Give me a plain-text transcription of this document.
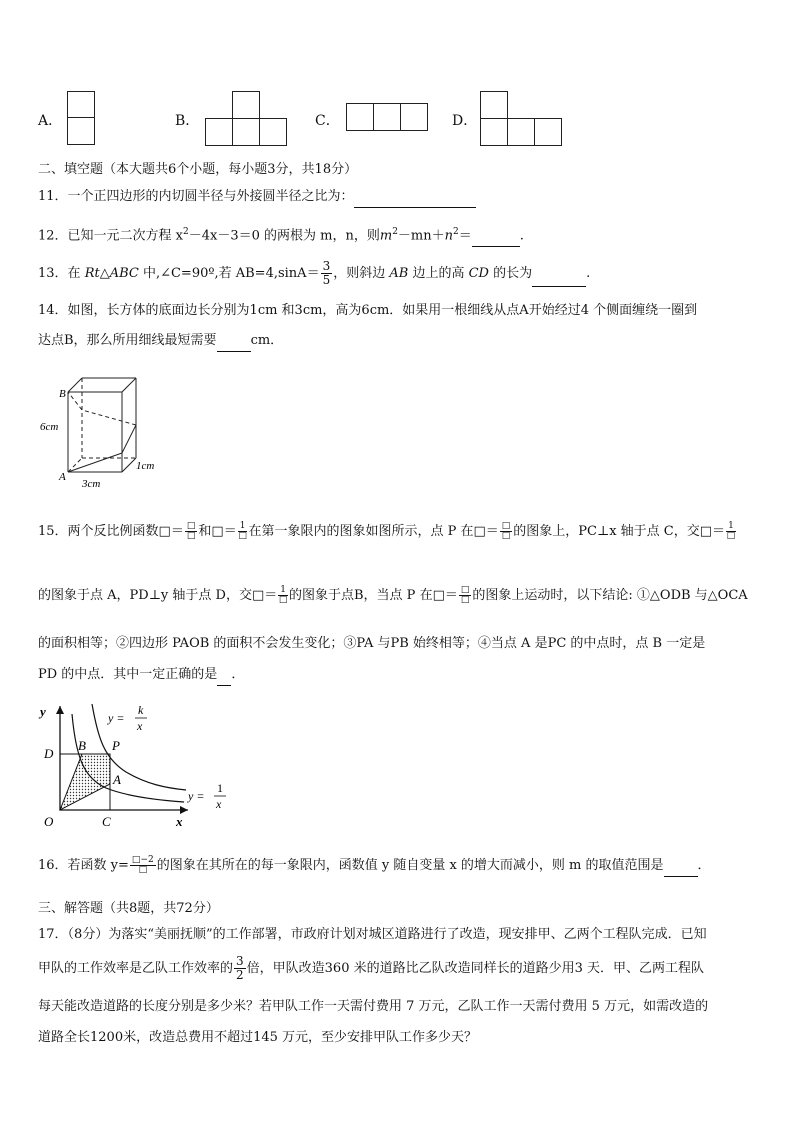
A．	B．	C．	D．
二、填空题（本大题共6个小题，每小题3分，共18分）
11．一个正四边形的内切圆半径与外接圆半径之比为：
12．已知一元二次方程 $x^2-4x-3=0$ 的两根为 m，n，则$m^2-mn+n^2=$	.
13．在 Rt△ABC 中,∠C=90º,若 $AB=4,\sin A= \frac{3}{5}$ ，则斜边 AB 边上的高 CD 的长为	.
14．如图，长方体的底面边长分别为1cm 和3cm，高为6cm．如果用一根细线从点A开始经过4 个侧面缠绕一圈到
达点B，那么所用细线最短需要	cm．
B
A
6cm
3cm
1cm
15．两个反比例函数□＝ $\frac{□}{□}$ 和□＝ $\frac{1}{□}$ 在第一象限内的图象如图所示，点 P 在□＝ $\frac{□}{□}$ 的图象上，PC⊥x 轴于点 C，交□＝ $\frac{1}{□}$
的图象于点 A，PD⊥y 轴于点 D，交□＝ $\frac{1}{□}$ 的图象于点B，当点 P 在□＝ $\frac{□}{□}$ 的图象上运动时，以下结论: ①△ODB 与△OCA
的面积相等；②四边形 PAOB 的面积不会发生变化；③PA 与PB 始终相等；④当点 A 是PC 的中点时，点 B 一定是
PD 的中点．其中一定正确的是 ．
y
x
O	C
D
B P
A
y =
k
x
y =
1
x
16．若函数 $y= \frac{□-2}{□}$ 的图象在其所在的每一象限内，函数值 y 随自变量 x 的增大而减小，则 m 的取值范围是	．
三、解答题（共8题，共72分）
17．（8分）为落实“美丽抚顺”的工作部署，市政府计划对城区道路进行了改造，现安排甲、乙两个工程队完成．已知
甲队的工作效率是乙队工作效率的 $\frac{3}{2}$ 倍，甲队改造360 米的道路比乙队改造同样长的道路少用3 天．甲、乙两工程队
每天能改造道路的长度分别是多少米？若甲队工作一天需付费用 7 万元，乙队工作一天需付费用 5 万元，如需改造的
道路全长1200米，改造总费用不超过145 万元，至少安排甲队工作多少天？
